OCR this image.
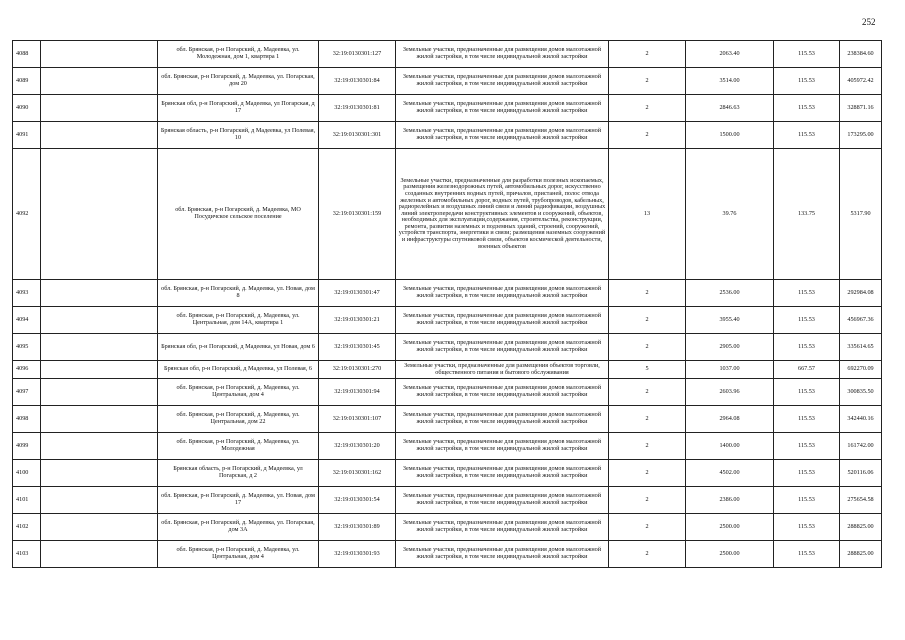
252
4088		обл. Брянская, р-н Погарский, д. Мадеевка, ул. Молодежная, дом 1, квартира 1	32:19:0130301:127	Земельные участки, предназначенные для размещения домов малоэтажной жилой застройки, в том числе индивидуальной жилой застройки	2	2063.40	115.53	238384.60
4089		обл. Брянская, р-н Погарский, д. Мадеевка, ул. Погарская, дом 20	32:19:0130301:84	Земельные участки, предназначенные для размещения домов малоэтажной жилой застройки, в том числе индивидуальной жилой застройки	2	3514.00	115.53	405972.42
4090		Брянская обл, р-н Погарский, д Мадеевка, ул Погарская, д 17	32:19:0130301:81	Земельные участки, предназначенные для размещения домов малоэтажной жилой застройки, в том числе индивидуальной жилой застройки	2	2846.63	115.53	328871.16
4091		Брянская область, р-н Погарский, д Мадеевка, ул Полевая, 10	32:19:0130301:301	Земельные участки, предназначенные для размещения домов малоэтажной жилой застройки, в том числе индивидуальной жилой застройки	2	1500.00	115.53	173295.00
4092		обл. Брянская, р-н Погарский, д. Мадеевка, МО Посудичское сельское поселение	32:19:0130301:159	Земельные участки, предназначенные для разработки полезных ископаемых, размещения железнодорожных путей, автомобильных дорог, искусственно созданных внутренних водных путей, причалов, пристаней, полос отвода железных и автомобильных дорог, водных путей, трубопроводов, кабельных, радиорелейных и воздушных линий связи и линий радиофикации, воздушных линий электропередачи конструктивных элементов и сооружений, объектов, необходимых для эксплуатации,содержания, строительства, реконструкции, ремонта, развития наземных и подземных зданий, строений, сооружений, устройств транспорта, энергетики и связи; размещения наземных сооружений и инфраструктуры спутниковой связи, объектов космической деятельности, военных объектов	13	39.76	133.75	5317.90
4093		обл. Брянская, р-н Погарский, д. Мадеевка, ул. Новая, дом 8	32:19:0130301:47	Земельные участки, предназначенные для размещения домов малоэтажной жилой застройки, в том числе индивидуальной жилой застройки	2	2536.00	115.53	292984.08
4094		обл. Брянская, р-н Погарский, д. Мадеевка, ул. Центральная, дом 14А, квартира 1	32:19:0130301:21	Земельные участки, предназначенные для размещения домов малоэтажной жилой застройки, в том числе индивидуальной жилой застройки	2	3955.40	115.53	456967.36
4095		Брянская обл, р-н Погарский, д Мадеевка, ул Новая, дом 6	32:19:0130301:45	Земельные участки, предназначенные для размещения домов малоэтажной жилой застройки, в том числе индивидуальной жилой застройки	2	2905.00	115.53	335614.65
4096		Брянская обл, р-н Погарский, д Мадеевка, ул Полевая, 6	32:19:0130301:270	Земельные участки, предназначенные для размещения объектов торговли, общественного питания и бытового обслуживания	5	1037.00	667.57	692270.09
4097		обл. Брянская, р-н Погарский, д. Мадеевка, ул. Центральная, дом 4	32:19:0130301:94	Земельные участки, предназначенные для размещения домов малоэтажной жилой застройки, в том числе индивидуальной жилой застройки	2	2603.96	115.53	300835.50
4098		обл. Брянская, р-н Погарский, д. Мадеевка, ул. Центральная, дом 22	32:19:0130301:107	Земельные участки, предназначенные для размещения домов малоэтажной жилой застройки, в том числе индивидуальной жилой застройки	2	2964.08	115.53	342440.16
4099		обл. Брянская, р-н Погарский, д. Мадеевка, ул. Молодежная	32:19:0130301:20	Земельные участки, предназначенные для размещения домов малоэтажной жилой застройки, в том числе индивидуальной жилой застройки	2	1400.00	115.53	161742.00
4100		Брянская область, р-н Погарский, д Мадеевка, ул Погарская, д 2	32:19:0130301:162	Земельные участки, предназначенные для размещения домов малоэтажной жилой застройки, в том числе индивидуальной жилой застройки	2	4502.00	115.53	520116.06
4101		обл. Брянская, р-н Погарский, д. Мадеевка, ул. Новая, дом 17	32:19:0130301:54	Земельные участки, предназначенные для размещения домов малоэтажной жилой застройки, в том числе индивидуальной жилой застройки	2	2386.00	115.53	275654.58
4102		обл. Брянская, р-н Погарский, д. Мадеевка, ул. Погарская, дом 3А	32:19:0130301:89	Земельные участки, предназначенные для размещения домов малоэтажной жилой застройки, в том числе индивидуальной жилой застройки	2	2500.00	115.53	288825.00
4103		обл. Брянская, р-н Погарский, д. Мадеевка, ул. Центральная, дом 4	32:19:0130301:93	Земельные участки, предназначенные для размещения домов малоэтажной жилой застройки, в том числе индивидуальной жилой застройки	2	2500.00	115.53	288825.00
